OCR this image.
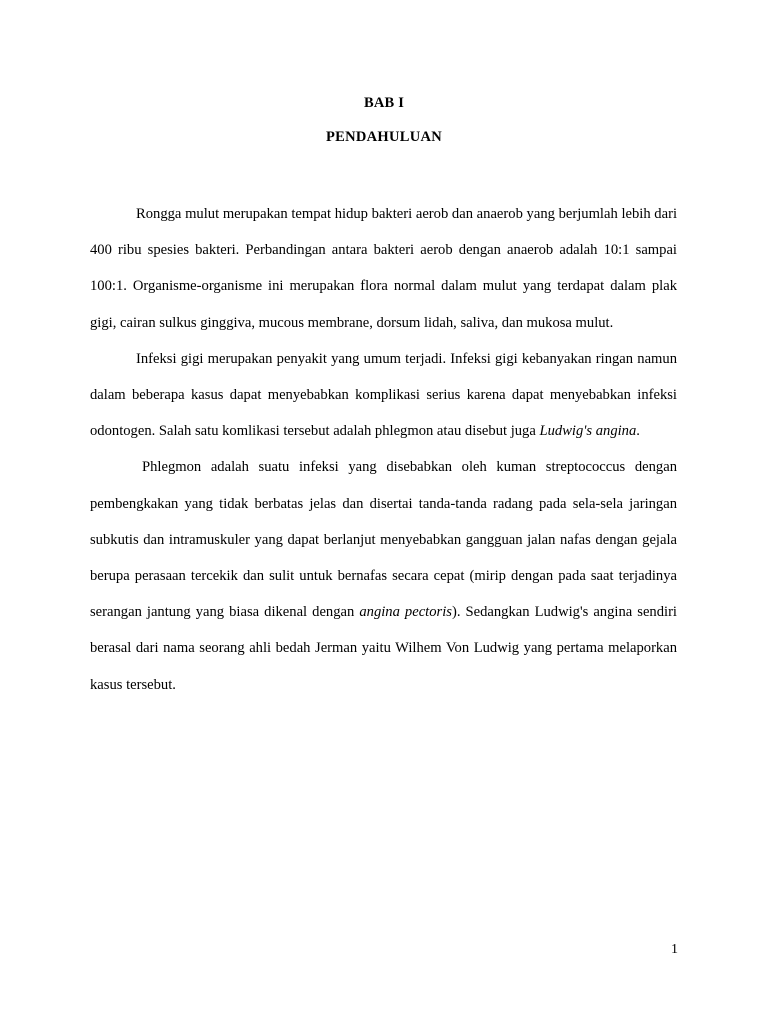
BAB I
PENDAHULUAN

Rongga mulut merupakan tempat hidup bakteri aerob dan anaerob yang berjumlah lebih dari 400 ribu spesies bakteri. Perbandingan antara bakteri aerob dengan anaerob adalah 10:1 sampai 100:1. Organisme-organisme ini merupakan flora normal dalam mulut yang terdapat dalam plak gigi, cairan sulkus ginggiva, mucous membrane, dorsum lidah, saliva, dan mukosa mulut.

Infeksi gigi merupakan penyakit yang umum terjadi. Infeksi gigi kebanyakan ringan namun dalam beberapa kasus dapat menyebabkan komplikasi serius karena dapat menyebabkan infeksi odontogen. Salah satu komlikasi tersebut adalah phlegmon atau disebut juga Ludwig's angina.

Phlegmon adalah suatu infeksi yang disebabkan oleh kuman streptococcus dengan pembengkakan yang tidak berbatas jelas dan disertai tanda-tanda radang pada sela-sela jaringan subkutis dan intramuskuler yang dapat berlanjut menyebabkan gangguan jalan nafas dengan gejala berupa perasaan tercekik dan sulit untuk bernafas secara cepat (mirip dengan pada saat terjadinya serangan jantung yang biasa dikenal dengan angina pectoris). Sedangkan Ludwig's angina sendiri berasal dari nama seorang ahli bedah Jerman yaitu Wilhem Von Ludwig yang pertama melaporkan kasus tersebut.

1
